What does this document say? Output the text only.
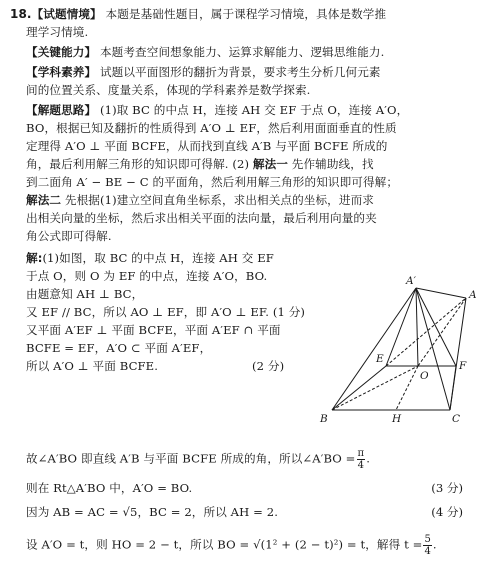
18.【试题情境】 本题是基础性题目，属于课程学习情境，具体是数学推
理学习情境.
【关键能力】 本题考查空间想象能力、运算求解能力、逻辑思维能力.
【学科素养】 试题以平面图形的翻折为背景，要求考生分析几何元素
间的位置关系、度量关系，体现的学科素养是数学探索.
【解题思路】 (1)取 BC 的中点 H，连接 AH 交 EF 于点 O，连接 A′O，
BO，根据已知及翻折的性质得到 A′O ⊥ EF，然后利用面面垂直的性质
定理得 A′O ⊥ 平面 BCFE，从而找到直线 A′B 与平面 BCFE 所成的
角，最后利用解三角形的知识即可得解. (2) 解法一 先作辅助线，找
到二面角 A′ − BE − C 的平面角，然后利用解三角形的知识即可得解；
解法二 先根据(1)建立空间直角坐标系，求出相关点的坐标，进而求
出相关向量的坐标，然后求出相关平面的法向量，最后利用向量的夹
角公式即可得解.
解:(1)如图，取 BC 的中点 H，连接 AH 交 EF
于点 O，则 O 为 EF 的中点，连接 A′O，BO.
由题意知 AH ⊥ BC，
又 EF // BC，所以 AO ⊥ EF，即 A′O ⊥ EF. (1 分)
又平面 A′EF ⊥ 平面 BCFE，平面 A′EF ∩ 平面
BCFE = EF，A′O ⊂ 平面 A′EF，
所以 A′O ⊥ 平面 BCFE.	(2 分)
A′
A
E
O
F
B	H	C
故∠A′BO 即直线 A′B 与平面 BCFE 所成的角，所以∠A′BO = $\frac{\pi}{4}$ .
则在 Rt△A′BO 中，A′O = BO.	(3 分)
因为 AB = AC = √5，BC = 2，所以 AH = 2.	(4 分)
设 A′O = t，则 HO = 2 − t，所以 BO = √(1² + (2 − t)²) = t，解得 $t = \frac{5}{4}$ .
